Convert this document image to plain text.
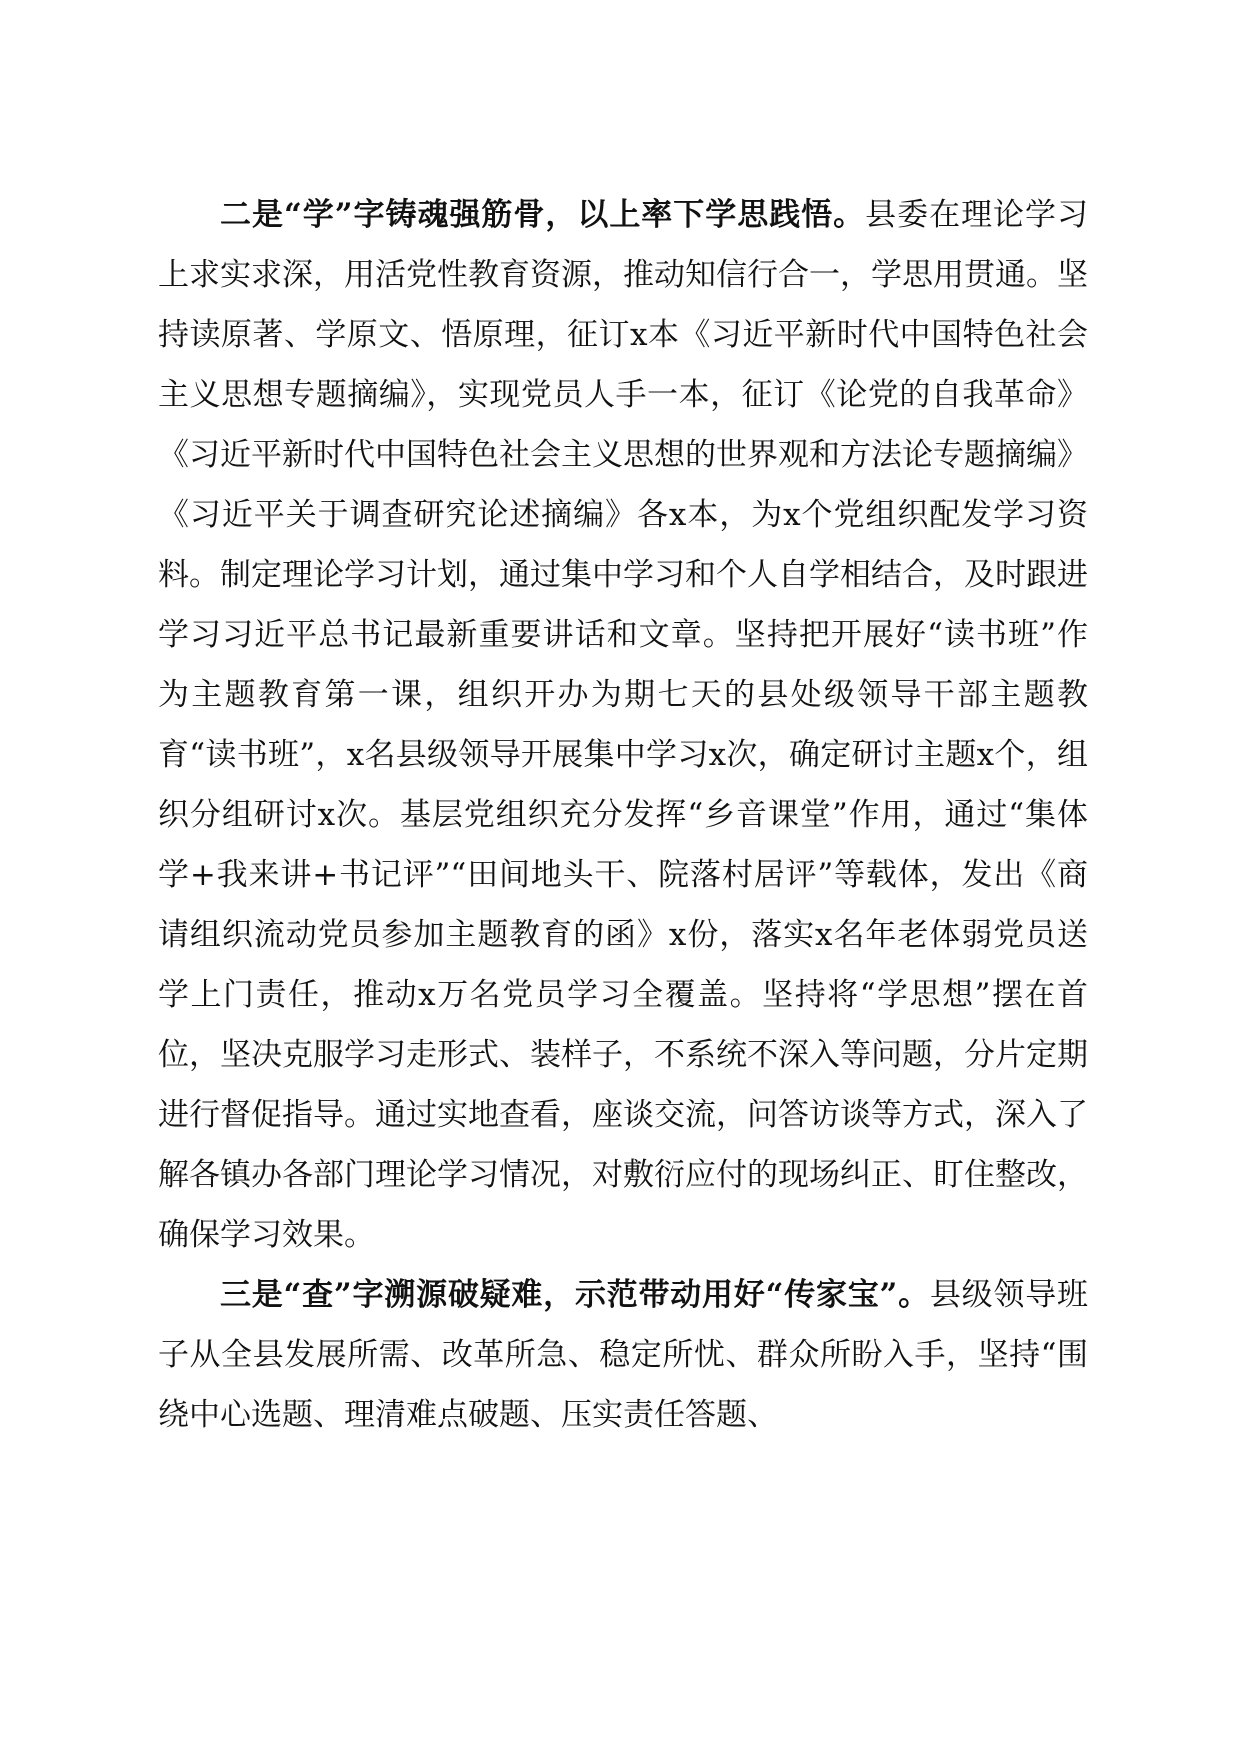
二是“学”字铸魂强筋骨，以上率下学思践悟。县委在理论学习上求实求深，用活党性教育资源，推动知信行合一，学思用贯通。坚持读原著、学原文、悟原理，征订x本《习近平新时代中国特色社会主义思想专题摘编》，实现党员人手一本，征订《论党的自我革命》《习近平新时代中国特色社会主义思想的世界观和方法论专题摘编》《习近平关于调查研究论述摘编》各x本，为x个党组织配发学习资料。制定理论学习计划，通过集中学习和个人自学相结合，及时跟进学习习近平总书记最新重要讲话和文章。坚持把开展好“读书班”作为主题教育第一课，组织开办为期七天的县处级领导干部主题教育“读书班”，x名县级领导开展集中学习x次，确定研讨主题x个，组织分组研讨x次。基层党组织充分发挥“乡音课堂”作用，通过“集体学+我来讲+书记评”“田间地头干、院落村居评”等载体，发出《商请组织流动党员参加主题教育的函》x份，落实x名年老体弱党员送学上门责任，推动x万名党员学习全覆盖。坚持将“学思想”摆在首位，坚决克服学习走形式、装样子，不系统不深入等问题，分片定期进行督促指导。通过实地查看，座谈交流，问答访谈等方式，深入了解各镇办各部门理论学习情况，对敷衍应付的现场纠正、盯住整改，确保学习效果。

三是“查”字溯源破疑难，示范带动用好“传家宝”。县级领导班子从全县发展所需、改革所急、稳定所忧、群众所盼入手，坚持“围绕中心选题、理清难点破题、压实责任答题、
